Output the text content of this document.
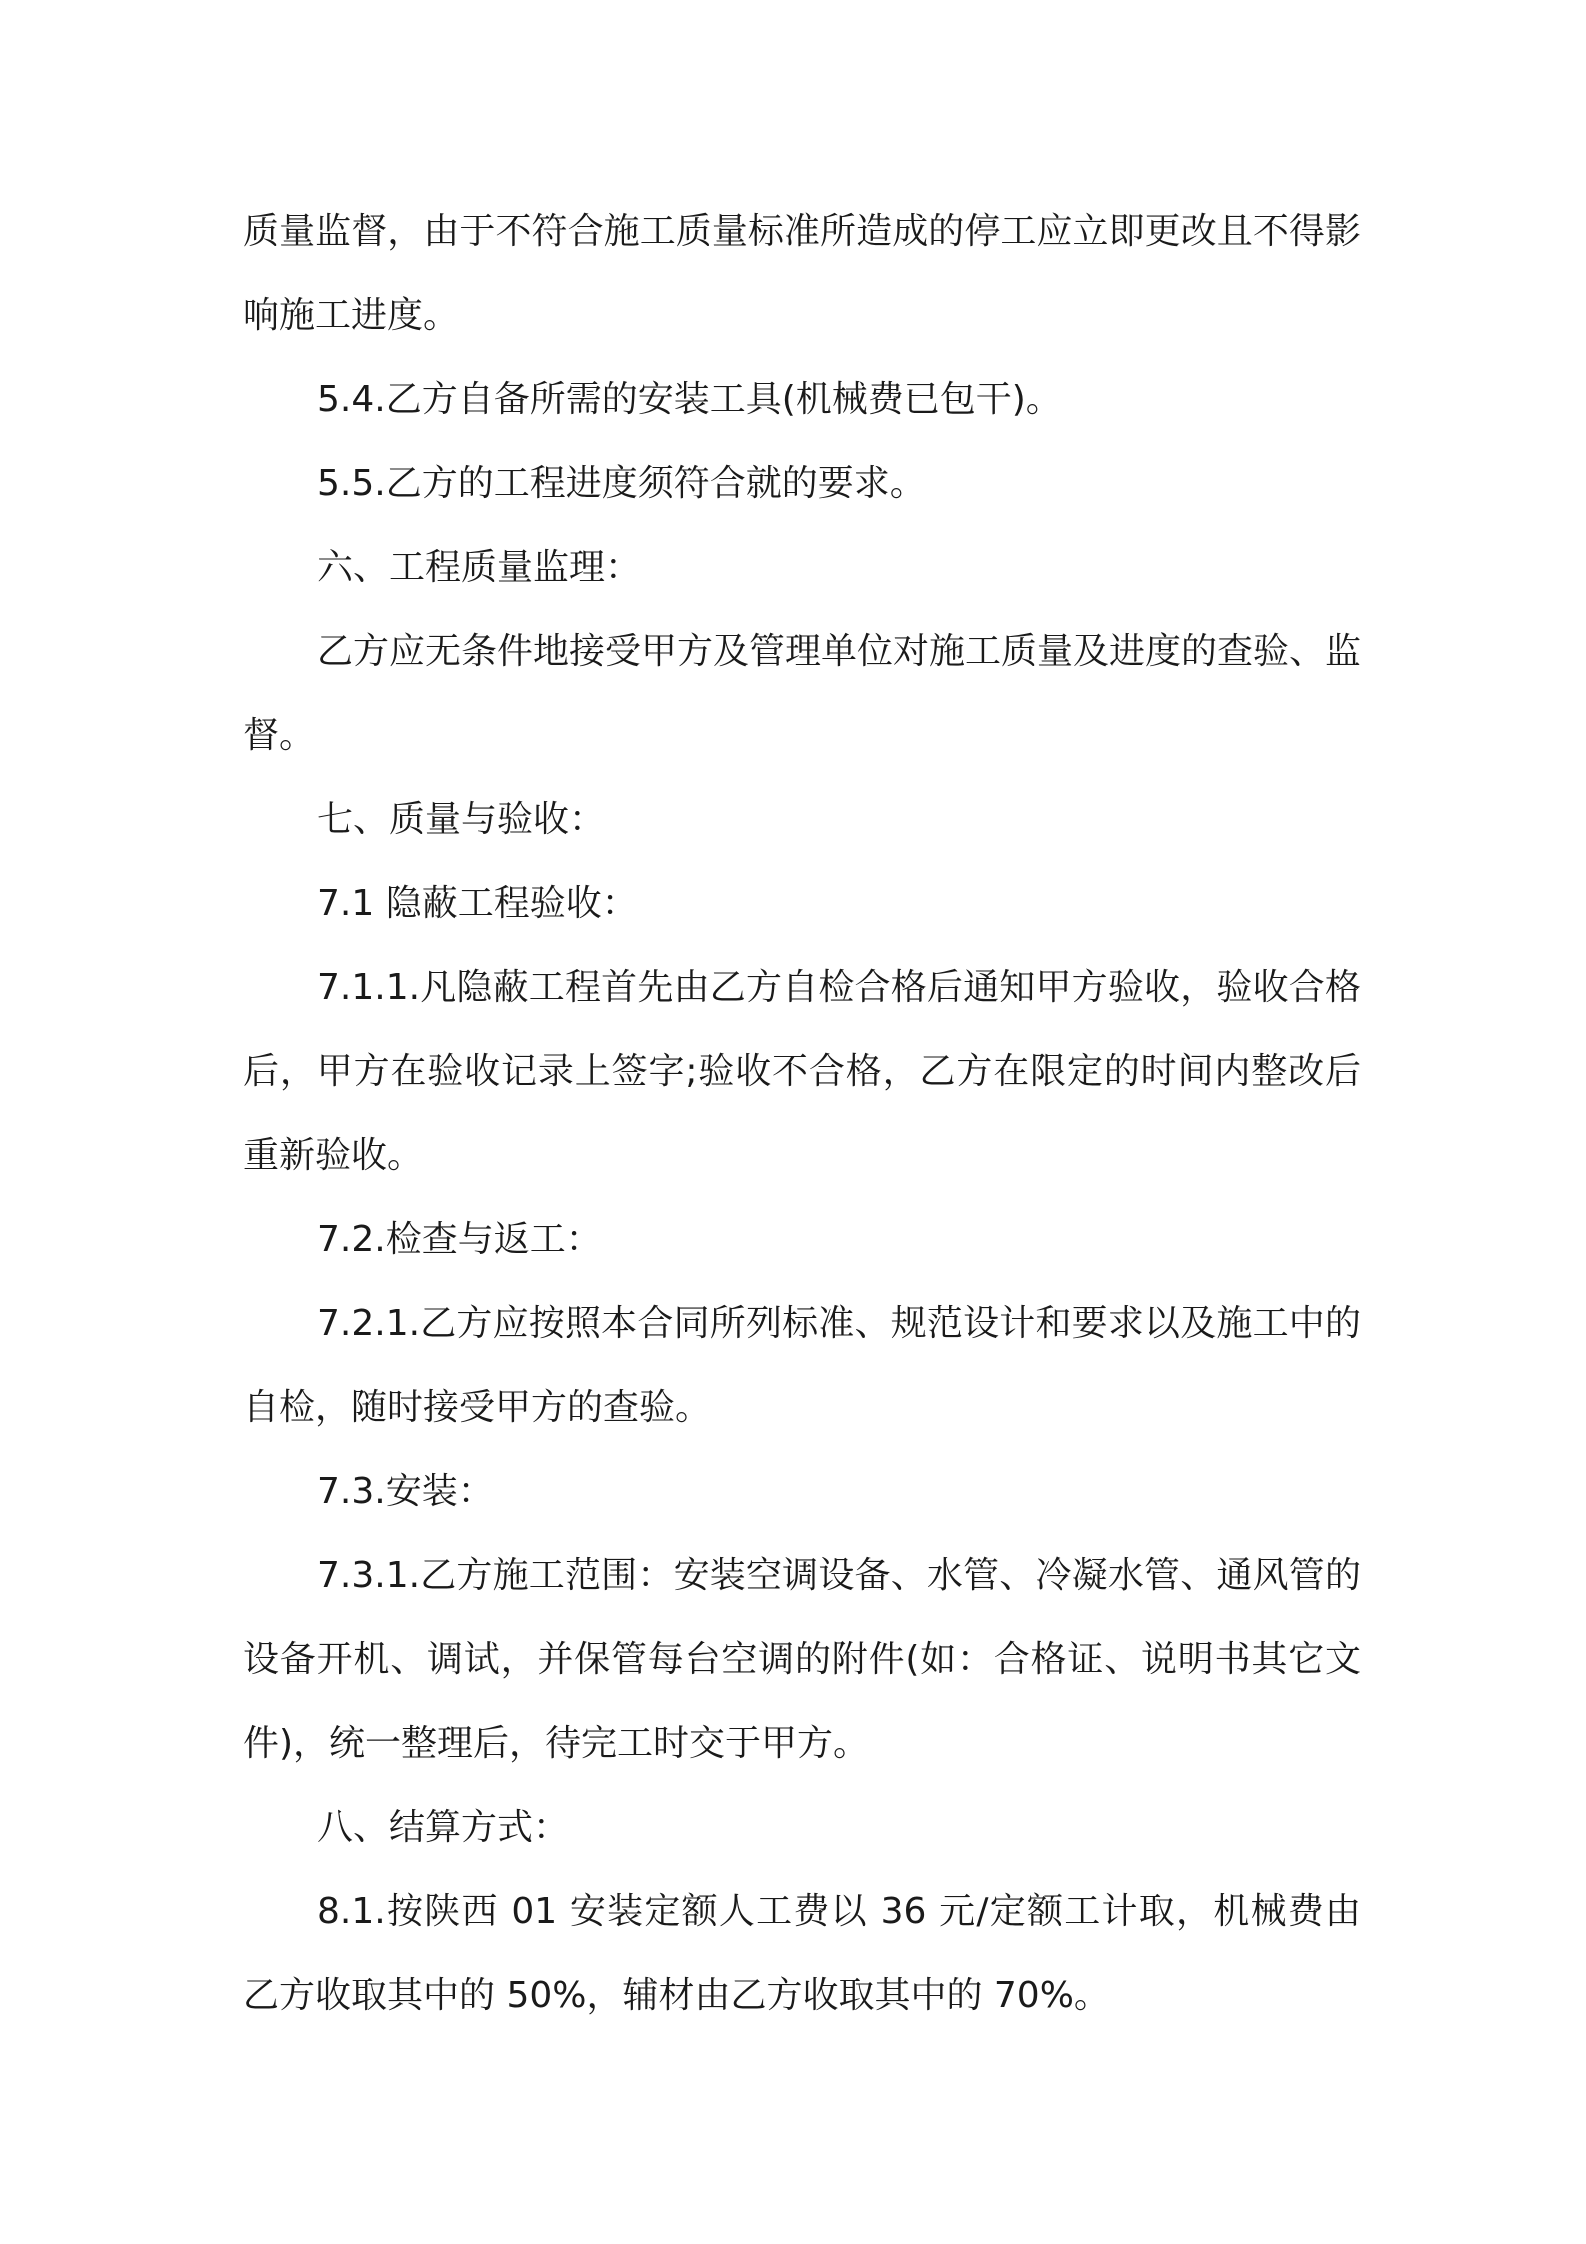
质量监督，由于不符合施工质量标准所造成的停工应立即更改且不得影响施工进度。

5.4.乙方自备所需的安装工具(机械费已包干)。

5.5.乙方的工程进度须符合就的要求。

六、工程质量监理：

乙方应无条件地接受甲方及管理单位对施工质量及进度的查验、监督。

七、质量与验收：

7.1 隐蔽工程验收：

7.1.1.凡隐蔽工程首先由乙方自检合格后通知甲方验收，验收合格后，甲方在验收记录上签字;验收不合格，乙方在限定的时间内整改后重新验收。

7.2.检查与返工：

7.2.1.乙方应按照本合同所列标准、规范设计和要求以及施工中的自检，随时接受甲方的查验。

7.3.安装：

7.3.1.乙方施工范围：安装空调设备、水管、冷凝水管、通风管的设备开机、调试，并保管每台空调的附件(如：合格证、说明书其它文件)，统一整理后，待完工时交于甲方。

八、结算方式：

8.1.按陕西 01 安装定额人工费以 36 元/定额工计取，机械费由乙方收取其中的 50%，辅材由乙方收取其中的 70%。
